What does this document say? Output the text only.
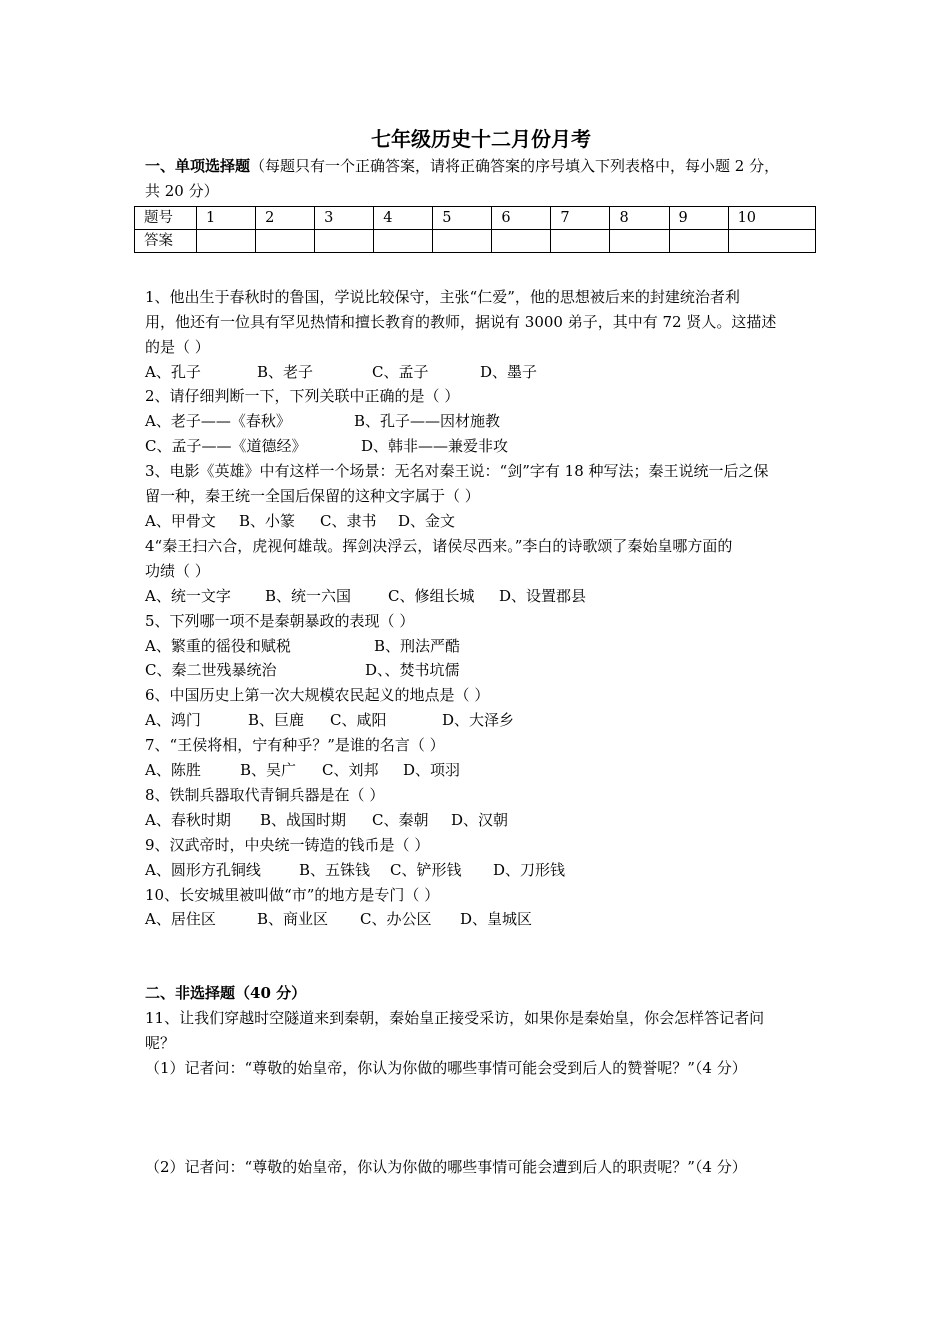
七年级历史十二月份月考
一、单项选择题（每题只有一个正确答案，请将正确答案的序号填入下列表格中，每小题 2 分，
共 20 分）
题号	1	2	3	4	5	6	7	8	9	10
答案										
1、他出生于春秋时的鲁国，学说比较保守，主张“仁爱”，他的思想被后来的封建统治者利
用，他还有一位具有罕见热情和擅长教育的教师，据说有 3000 弟子，其中有 72 贤人。这描述
的是（ ）
A、孔子	B、老子	C、孟子	D、墨子
2、请仔细判断一下，下列关联中正确的是（ ）
A、老子——《春秋》	B、孔子——因材施教
C、孟子——《道德经》	D、韩非——兼爱非攻
3、电影《英雄》中有这样一个场景：无名对秦王说：“剑”字有 18 种写法；秦王说统一后之保
留一种，秦王统一全国后保留的这种文字属于（ ）
A、甲骨文 B、小篆 C、隶书 D、金文
4“秦王扫六合，虎视何雄哉。挥剑决浮云，诸侯尽西来。”李白的诗歌颂了秦始皇哪方面的
功绩（ ）
A、统一文字 B、统一六国 C、修组长城 D、设置郡县
5、下列哪一项不是秦朝暴政的表现（ ）
A、繁重的徭役和赋税	B、刑法严酷
C、秦二世残暴统治	D、、焚书坑儒
6、中国历史上第一次大规模农民起义的地点是（ ）
A、鸿门	B、巨鹿 C、咸阳	D、大泽乡
7、“王侯将相，宁有种乎？”是谁的名言（ ）
A、陈胜	B、吴广 C、刘邦 D、项羽
8、铁制兵器取代青铜兵器是在（ ）
A、春秋时期 B、战国时期 C、秦朝 D、汉朝
9、汉武帝时，中央统一铸造的钱币是（ ）
A、圆形方孔铜线	B、五铢钱 C、铲形钱 D、刀形钱
10、长安城里被叫做“市”的地方是专门（ ）
A、居住区	B、商业区 C、办公区 D、皇城区
二、非选择题（40 分）
11、让我们穿越时空隧道来到秦朝，秦始皇正接受采访，如果你是秦始皇，你会怎样答记者问
呢？
（1）记者问：“尊敬的始皇帝，你认为你做的哪些事情可能会受到后人的赞誉呢？”（4 分）
（2）记者问：“尊敬的始皇帝，你认为你做的哪些事情可能会遭到后人的职责呢？”（4 分）
